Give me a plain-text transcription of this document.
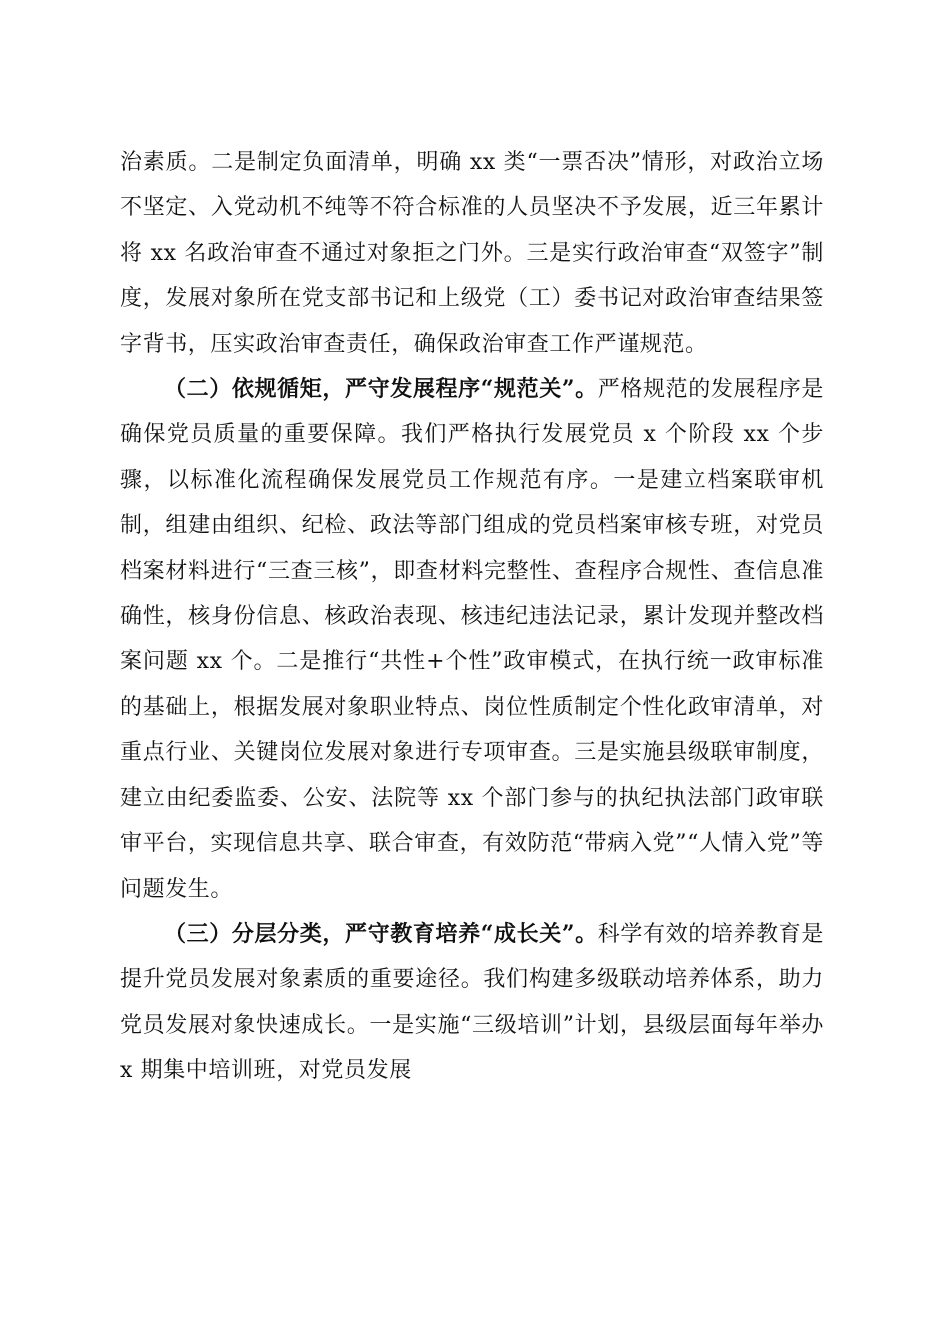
治素质。二是制定负面清单，明确 xx 类“一票否决”情形，对政治立场不坚定、入党动机不纯等不符合标准的人员坚决不予发展，近三年累计将 xx 名政治审查不通过对象拒之门外。三是实行政治审查“双签字”制度，发展对象所在党支部书记和上级党（工）委书记对政治审查结果签字背书，压实政治审查责任，确保政治审查工作严谨规范。

（二）依规循矩，严守发展程序“规范关”。严格规范的发展程序是确保党员质量的重要保障。我们严格执行发展党员 x 个阶段 xx 个步骤，以标准化流程确保发展党员工作规范有序。一是建立档案联审机制，组建由组织、纪检、政法等部门组成的党员档案审核专班，对党员档案材料进行“三查三核”，即查材料完整性、查程序合规性、查信息准确性，核身份信息、核政治表现、核违纪违法记录，累计发现并整改档案问题 xx 个。二是推行“共性+个性”政审模式，在执行统一政审标准的基础上，根据发展对象职业特点、岗位性质制定个性化政审清单，对重点行业、关键岗位发展对象进行专项审查。三是实施县级联审制度，建立由纪委监委、公安、法院等 xx 个部门参与的执纪执法部门政审联审平台，实现信息共享、联合审查，有效防范“带病入党”“人情入党”等问题发生。

（三）分层分类，严守教育培养“成长关”。科学有效的培养教育是提升党员发展对象素质的重要途径。我们构建多级联动培养体系，助力党员发展对象快速成长。一是实施“三级培训”计划，县级层面每年举办 x 期集中培训班，对党员发展
